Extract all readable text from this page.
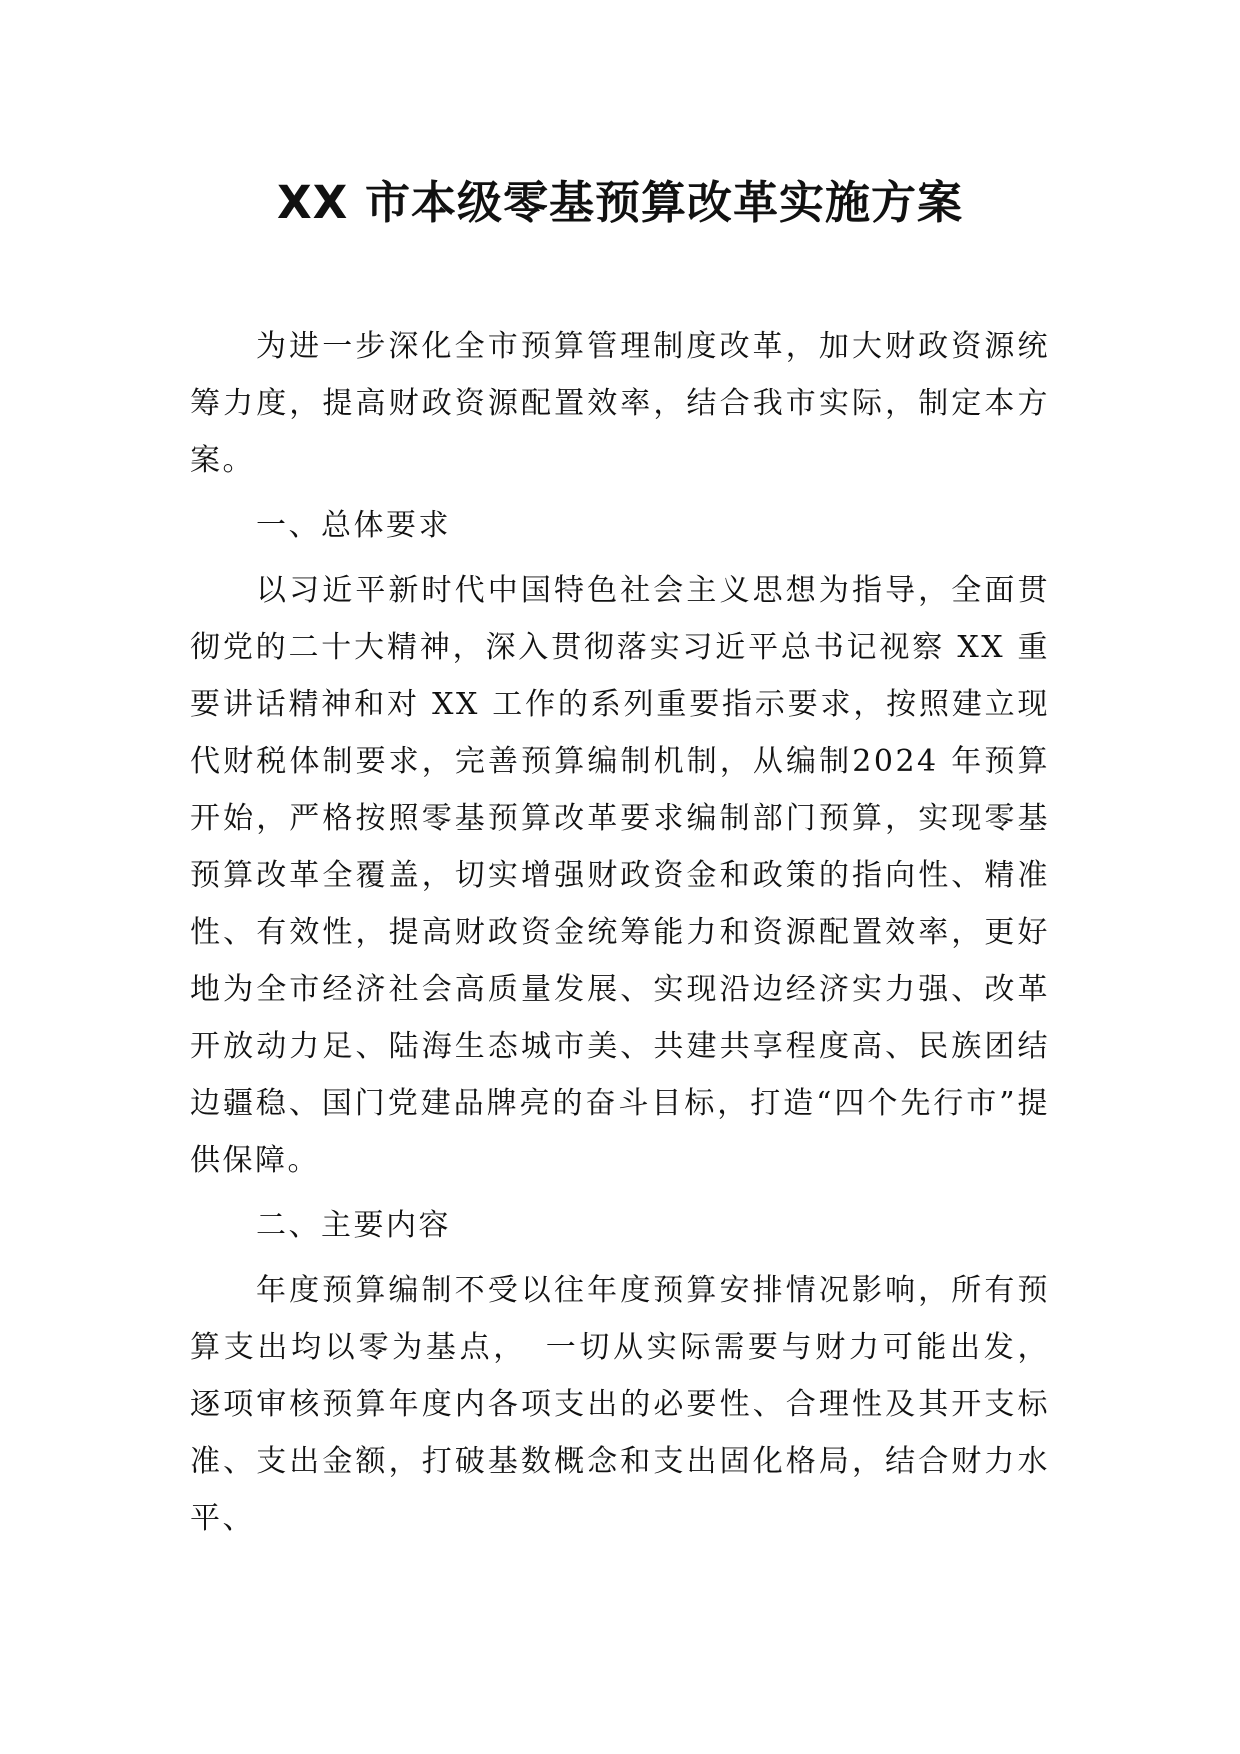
XX 市本级零基预算改革实施方案

为进一步深化全市预算管理制度改革，加大财政资源统筹力度，提高财政资源配置效率，结合我市实际，制定本方案。

一、总体要求

以习近平新时代中国特色社会主义思想为指导，全面贯彻党的二十大精神，深入贯彻落实习近平总书记视察 XX 重要讲话精神和对 XX 工作的系列重要指示要求，按照建立现代财税体制要求，完善预算编制机制，从编制2024 年预算开始，严格按照零基预算改革要求编制部门预算，实现零基预算改革全覆盖，切实增强财政资金和政策的指向性、精准性、有效性，提高财政资金统筹能力和资源配置效率，更好地为全市经济社会高质量发展、实现沿边经济实力强、改革开放动力足、陆海生态城市美、共建共享程度高、民族团结边疆稳、国门党建品牌亮的奋斗目标，打造“四个先行市”提供保障。

二、主要内容

年度预算编制不受以往年度预算安排情况影响，所有预算支出均以零为基点，　一切从实际需要与财力可能出发，逐项审核预算年度内各项支出的必要性、合理性及其开支标准、支出金额，打破基数概念和支出固化格局，结合财力水平、
